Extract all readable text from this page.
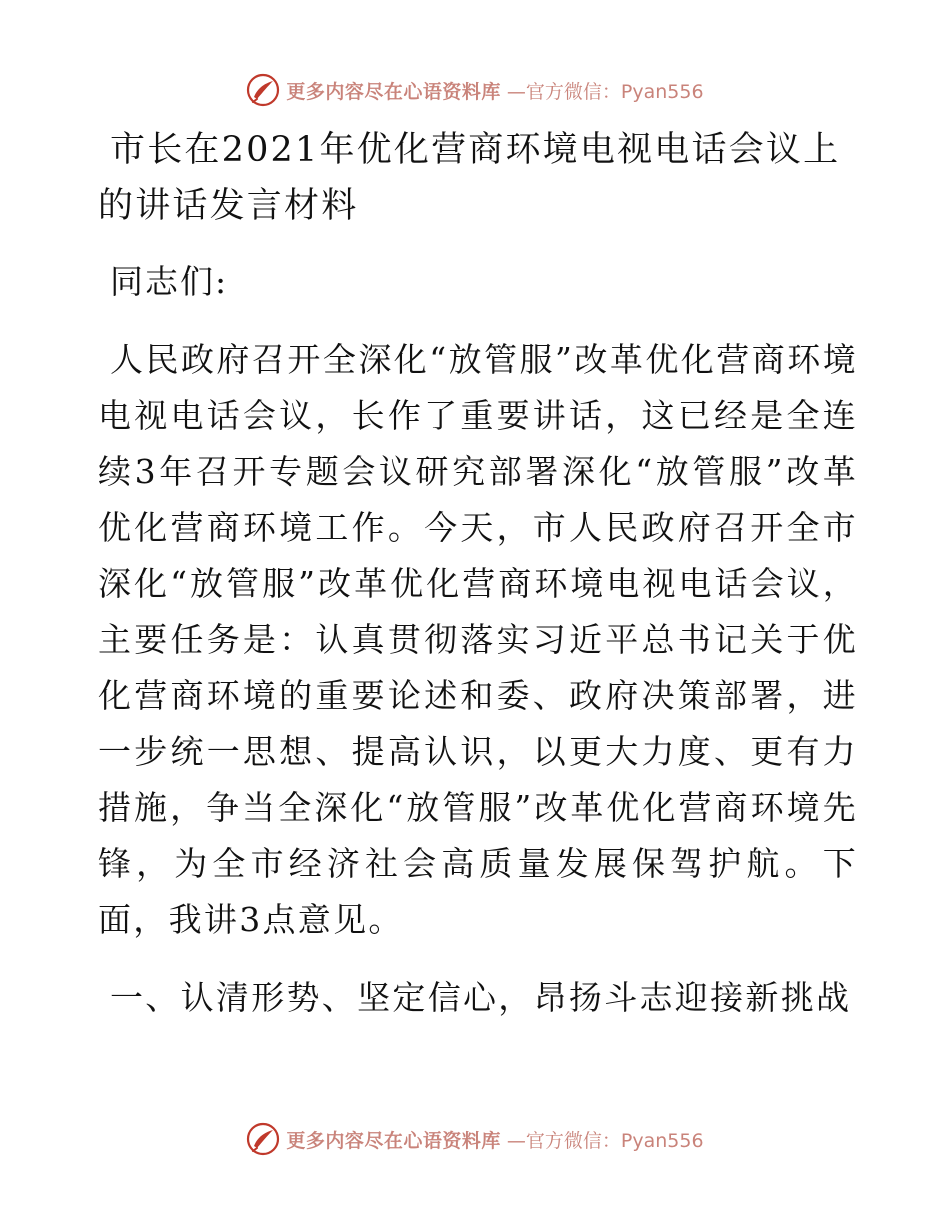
更多内容尽在心语资料库 —官方微信：Pyan556
市长在2021年优化营商环境电视电话会议上的讲话发言材料

同志们:

人民政府召开全深化“放管服”改革优化营商环境电视电话会议，长作了重要讲话，这已经是全连续3年召开专题会议研究部署深化“放管服”改革优化营商环境工作。今天，市人民政府召开全市深化“放管服”改革优化营商环境电视电话会议，主要任务是：认真贯彻落实习近平总书记关于优化营商环境的重要论述和委、政府决策部署，进一步统一思想、提高认识，以更大力度、更有力措施，争当全深化“放管服”改革优化营商环境先锋，为全市经济社会高质量发展保驾护航。下面，我讲3点意见。

一、认清形势、坚定信心，昂扬斗志迎接新挑战

更多内容尽在心语资料库 —官方微信：Pyan556
